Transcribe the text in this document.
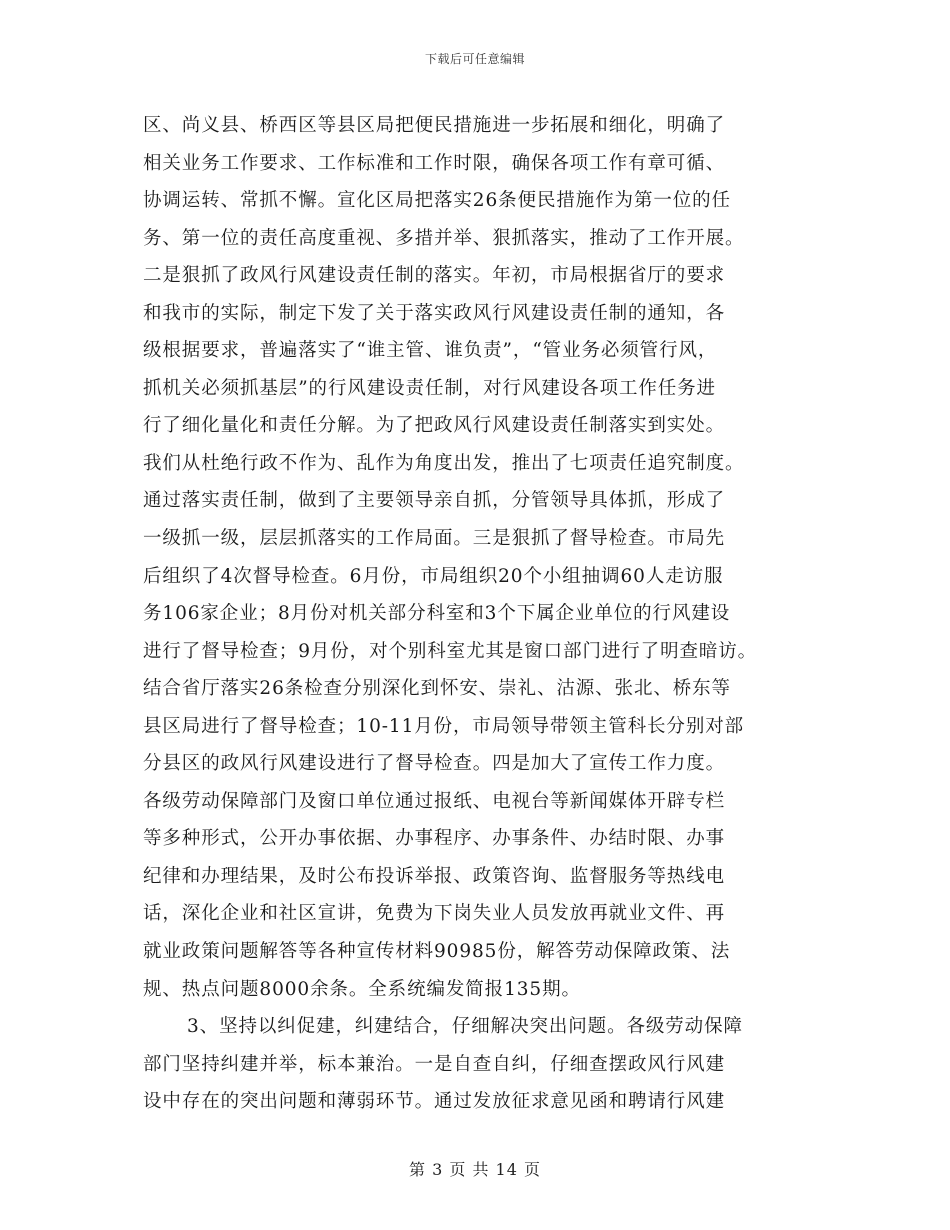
下载后可任意编辑
区、尚义县、桥西区等县区局把便民措施进一步拓展和细化，明确了
相关业务工作要求、工作标准和工作时限，确保各项工作有章可循、
协调运转、常抓不懈。宣化区局把落实26条便民措施作为第一位的任
务、第一位的责任高度重视、多措并举、狠抓落实，推动了工作开展。
二是狠抓了政风行风建设责任制的落实。年初，市局根据省厅的要求
和我市的实际，制定下发了关于落实政风行风建设责任制的通知，各
级根据要求，普遍落实了“谁主管、谁负责”，“管业务必须管行风，
抓机关必须抓基层”的行风建设责任制，对行风建设各项工作任务进
行了细化量化和责任分解。为了把政风行风建设责任制落实到实处。
我们从杜绝行政不作为、乱作为角度出发，推出了七项责任追究制度。
通过落实责任制，做到了主要领导亲自抓，分管领导具体抓，形成了
一级抓一级，层层抓落实的工作局面。三是狠抓了督导检查。市局先
后组织了4次督导检查。6月份，市局组织20个小组抽调60人走访服
务106家企业；8月份对机关部分科室和3个下属企业单位的行风建设
进行了督导检查；9月份，对个别科室尤其是窗口部门进行了明查暗访。
结合省厅落实26条检查分别深化到怀安、崇礼、沽源、张北、桥东等
县区局进行了督导检查；10-11月份，市局领导带领主管科长分别对部
分县区的政风行风建设进行了督导检查。四是加大了宣传工作力度。
各级劳动保障部门及窗口单位通过报纸、电视台等新闻媒体开辟专栏
等多种形式，公开办事依据、办事程序、办事条件、办结时限、办事
纪律和办理结果，及时公布投诉举报、政策咨询、监督服务等热线电
话，深化企业和社区宣讲，免费为下岗失业人员发放再就业文件、再
就业政策问题解答等各种宣传材料90985份，解答劳动保障政策、法
规、热点问题8000余条。全系统编发简报135期。
3、坚持以纠促建，纠建结合，仔细解决突出问题。各级劳动保障
部门坚持纠建并举，标本兼治。一是自查自纠，仔细查摆政风行风建
设中存在的突出问题和薄弱环节。通过发放征求意见函和聘请行风建
第 3 页 共 14 页
